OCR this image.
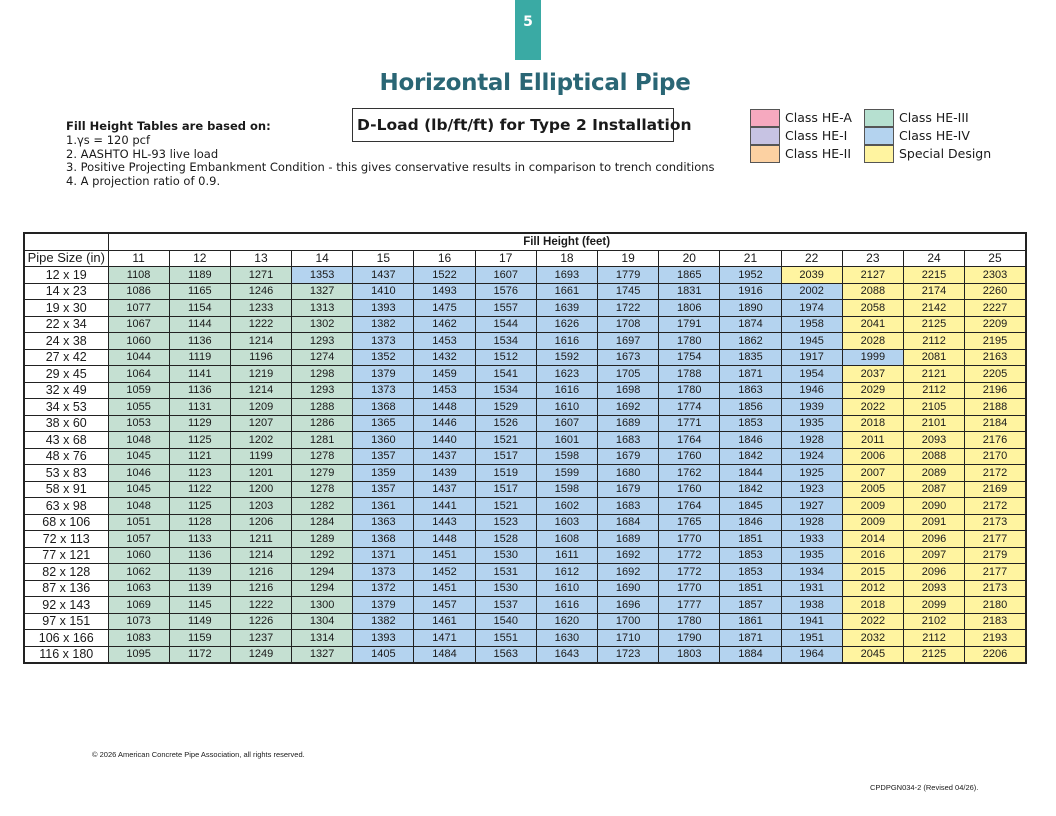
5
Horizontal Elliptical Pipe
D-Load (lb/ft/ft) for Type 2 Installation
Fill Height Tables are based on:
1.γs = 120 pcf
2. AASHTO HL-93 live load
3. Positive Projecting Embankment Condition - this gives conservative results in comparison to trench conditions
4. A projection ratio of 0.9.
Class HE-A
Class HE-I
Class HE-II
Class HE-III
Class HE-IV
Special Design
	Fill Height (feet)														
Pipe Size (in)	11	12	13	14	15	16	17	18	19	20	21	22	23	24	25
12 x 19	1108	1189	1271	1353	1437	1522	1607	1693	1779	1865	1952	2039	2127	2215	2303
14 x 23	1086	1165	1246	1327	1410	1493	1576	1661	1745	1831	1916	2002	2088	2174	2260
19 x 30	1077	1154	1233	1313	1393	1475	1557	1639	1722	1806	1890	1974	2058	2142	2227
22 x 34	1067	1144	1222	1302	1382	1462	1544	1626	1708	1791	1874	1958	2041	2125	2209
24 x 38	1060	1136	1214	1293	1373	1453	1534	1616	1697	1780	1862	1945	2028	2112	2195
27 x 42	1044	1119	1196	1274	1352	1432	1512	1592	1673	1754	1835	1917	1999	2081	2163
29 x 45	1064	1141	1219	1298	1379	1459	1541	1623	1705	1788	1871	1954	2037	2121	2205
32 x 49	1059	1136	1214	1293	1373	1453	1534	1616	1698	1780	1863	1946	2029	2112	2196
34 x 53	1055	1131	1209	1288	1368	1448	1529	1610	1692	1774	1856	1939	2022	2105	2188
38 x 60	1053	1129	1207	1286	1365	1446	1526	1607	1689	1771	1853	1935	2018	2101	2184
43 x 68	1048	1125	1202	1281	1360	1440	1521	1601	1683	1764	1846	1928	2011	2093	2176
48 x 76	1045	1121	1199	1278	1357	1437	1517	1598	1679	1760	1842	1924	2006	2088	2170
53 x 83	1046	1123	1201	1279	1359	1439	1519	1599	1680	1762	1844	1925	2007	2089	2172
58 x 91	1045	1122	1200	1278	1357	1437	1517	1598	1679	1760	1842	1923	2005	2087	2169
63 x 98	1048	1125	1203	1282	1361	1441	1521	1602	1683	1764	1845	1927	2009	2090	2172
68 x 106	1051	1128	1206	1284	1363	1443	1523	1603	1684	1765	1846	1928	2009	2091	2173
72 x 113	1057	1133	1211	1289	1368	1448	1528	1608	1689	1770	1851	1933	2014	2096	2177
77 x 121	1060	1136	1214	1292	1371	1451	1530	1611	1692	1772	1853	1935	2016	2097	2179
82 x 128	1062	1139	1216	1294	1373	1452	1531	1612	1692	1772	1853	1934	2015	2096	2177
87 x 136	1063	1139	1216	1294	1372	1451	1530	1610	1690	1770	1851	1931	2012	2093	2173
92 x 143	1069	1145	1222	1300	1379	1457	1537	1616	1696	1777	1857	1938	2018	2099	2180
97 x 151	1073	1149	1226	1304	1382	1461	1540	1620	1700	1780	1861	1941	2022	2102	2183
106 x 166	1083	1159	1237	1314	1393	1471	1551	1630	1710	1790	1871	1951	2032	2112	2193
116 x 180	1095	1172	1249	1327	1405	1484	1563	1643	1723	1803	1884	1964	2045	2125	2206
© 2026 American Concrete Pipe Association, all rights reserved.
CPDPGN034-2 (Revised 04/26).
